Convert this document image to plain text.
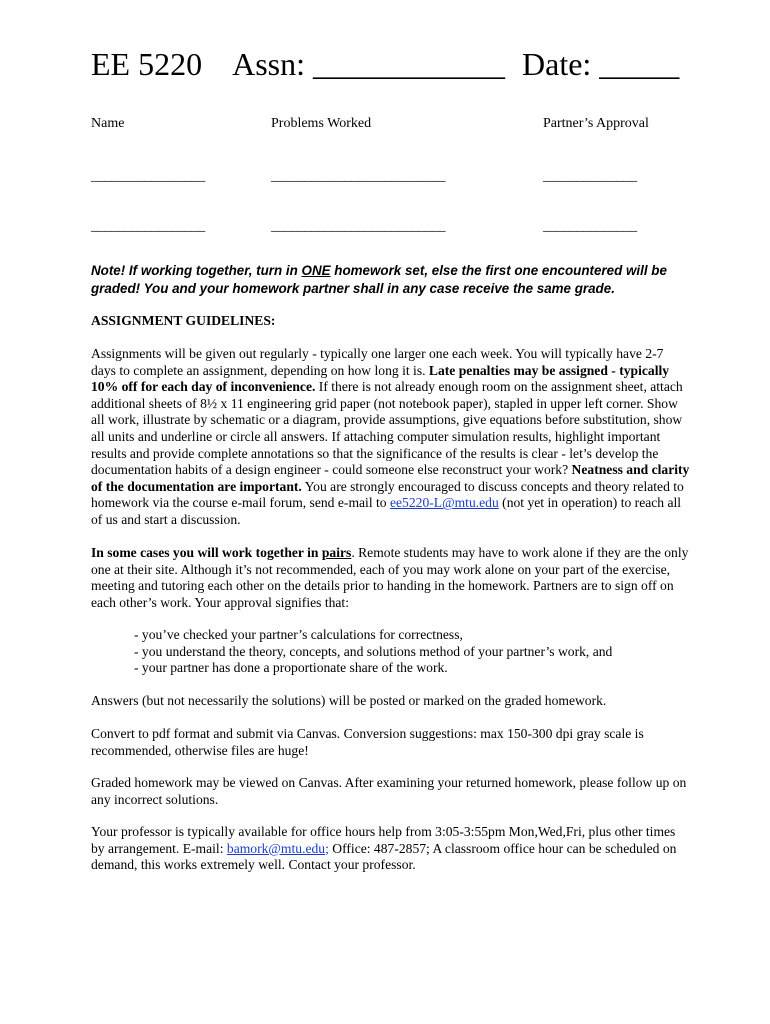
EE 5220 Assn: ____________ Date: _____
Name	Problems Worked	Partner’s Approval
_________________	__________________________	______________
_________________	__________________________	______________
Note! If working together, turn in ONE homework set, else the first one encountered will be graded! You and your homework partner shall in any case receive the same grade.
ASSIGNMENT GUIDELINES:
Assignments will be given out regularly - typically one larger one each week. You will typically have 2-7 days to complete an assignment, depending on how long it is. Late penalties may be assigned - typically 10% off for each day of inconvenience. If there is not already enough room on the assignment sheet, attach additional sheets of 8½ x 11 engineering grid paper (not notebook paper), stapled in upper left corner. Show all work, illustrate by schematic or a diagram, provide assumptions, give equations before substitution, show all units and underline or circle all answers. If attaching computer simulation results, highlight important results and provide complete annotations so that the significance of the results is clear - let’s develop the documentation habits of a design engineer - could someone else reconstruct your work? Neatness and clarity of the documentation are important. You are strongly encouraged to discuss concepts and theory related to homework via the course e-mail forum, send e-mail to ee5220-L@mtu.edu (not yet in operation) to reach all of us and start a discussion.
In some cases you will work together in pairs. Remote students may have to work alone if they are the only one at their site. Although it’s not recommended, each of you may work alone on your part of the exercise, meeting and tutoring each other on the details prior to handing in the homework. Partners are to sign off on each other’s work. Your approval signifies that:
- you’ve checked your partner’s calculations for correctness,
- you understand the theory, concepts, and solutions method of your partner’s work, and
- your partner has done a proportionate share of the work.
Answers (but not necessarily the solutions) will be posted or marked on the graded homework.
Convert to pdf format and submit via Canvas. Conversion suggestions: max 150-300 dpi gray scale is recommended, otherwise files are huge!
Graded homework may be viewed on Canvas. After examining your returned homework, please follow up on any incorrect solutions.
Your professor is typically available for office hours help from 3:05-3:55pm Mon,Wed,Fri, plus other times by arrangement. E-mail: bamork@mtu.edu; Office: 487-2857; A classroom office hour can be scheduled on demand, this works extremely well. Contact your professor.
